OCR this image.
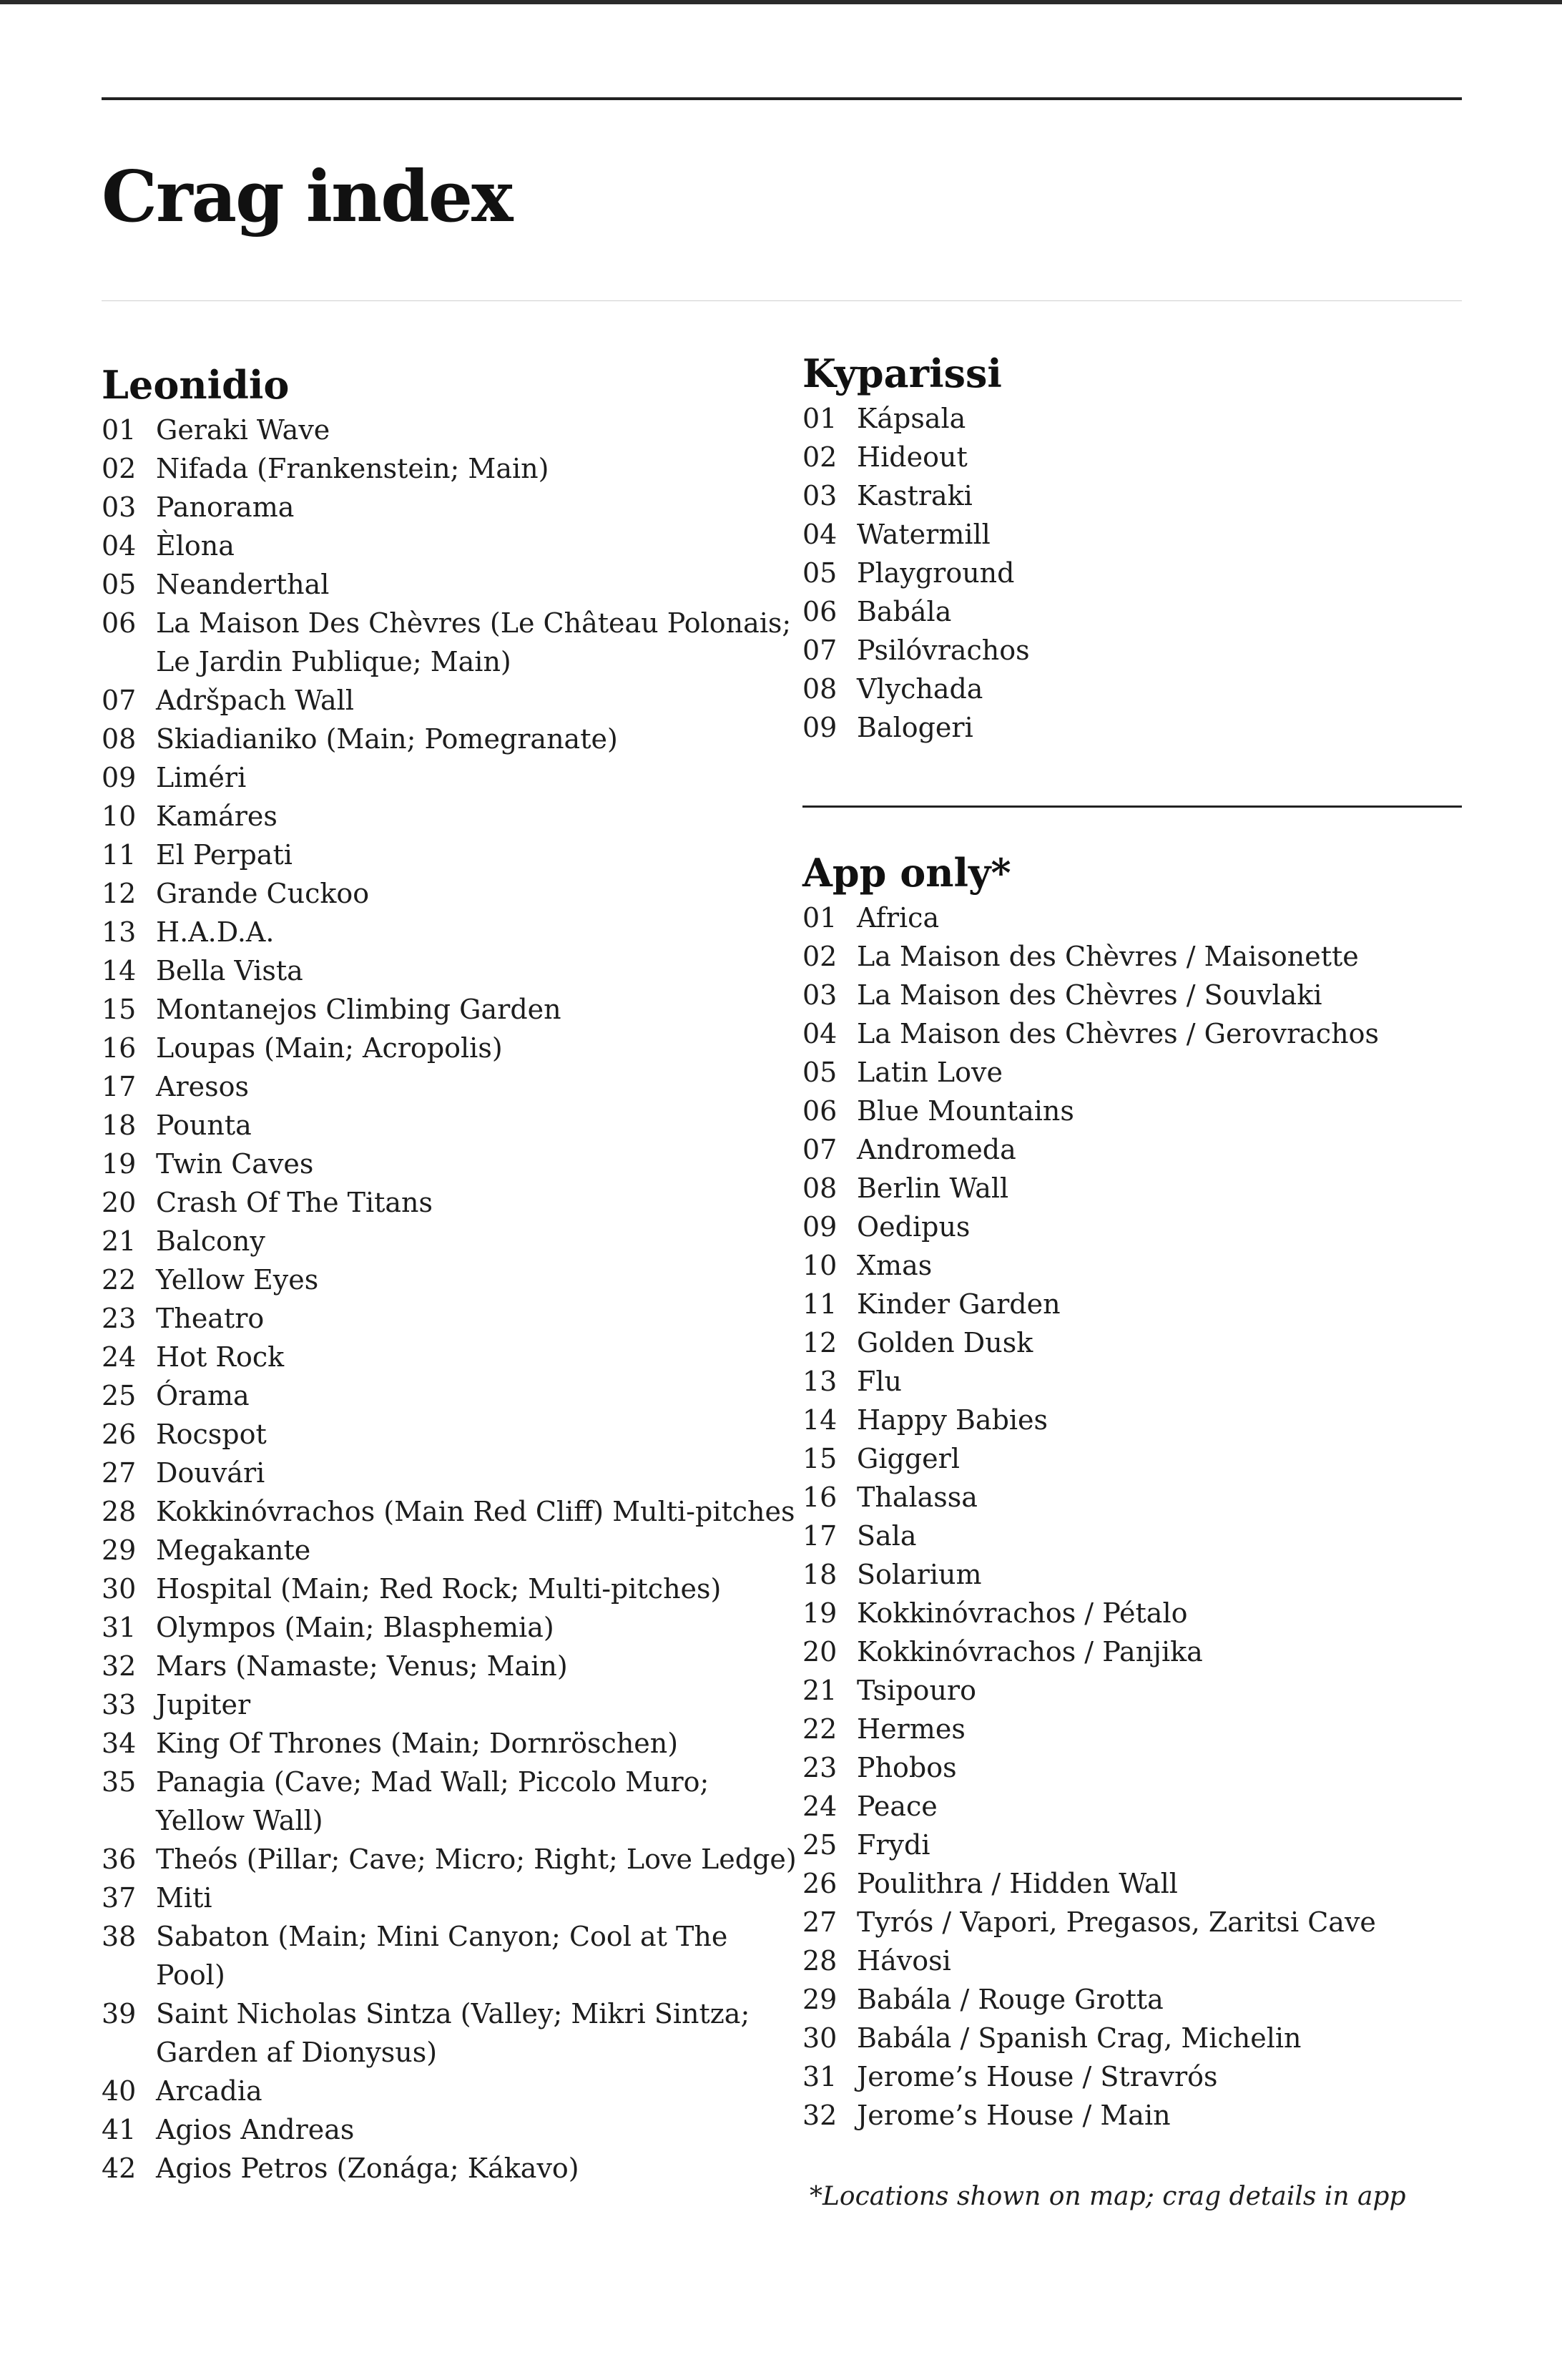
Crag index
Leonidio
01 Geraki Wave
02 Nifada (Frankenstein; Main)
03 Panorama
04 Èlona
05 Neanderthal
06 La Maison Des Chèvres (Le Château Polonais; Le Jardin Publique; Main)
07 Adršpach Wall
08 Skiadianiko (Main; Pomegranate)
09 Liméri
10 Kamáres
11 El Perpati
12 Grande Cuckoo
13 H.A.D.A.
14 Bella Vista
15 Montanejos Climbing Garden
16 Loupas (Main; Acropolis)
17 Aresos
18 Pounta
19 Twin Caves
20 Crash Of The Titans
21 Balcony
22 Yellow Eyes
23 Theatro
24 Hot Rock
25 Órama
26 Rocspot
27 Douvári
28 Kokkinóvrachos (Main Red Cliff) Multi-pitches
29 Megakante
30 Hospital (Main; Red Rock; Multi-pitches)
31 Olympos (Main; Blasphemia)
32 Mars (Namaste; Venus; Main)
33 Jupiter
34 King Of Thrones (Main; Dornröschen)
35 Panagia (Cave; Mad Wall; Piccolo Muro; Yellow Wall)
36 Theós (Pillar; Cave; Micro; Right; Love Ledge)
37 Miti
38 Sabaton (Main; Mini Canyon; Cool at The Pool)
39 Saint Nicholas Sintza (Valley; Mikri Sintza; Garden af Dionysus)
40 Arcadia
41 Agios Andreas
42 Agios Petros (Zonága; Kákavo)
Kyparissi
01 Kápsala
02 Hideout
03 Kastraki
04 Watermill
05 Playground
06 Babála
07 Psilóvrachos
08 Vlychada
09 Balogeri
App only*
01 Africa
02 La Maison des Chèvres / Maisonette
03 La Maison des Chèvres / Souvlaki
04 La Maison des Chèvres / Gerovrachos
05 Latin Love
06 Blue Mountains
07 Andromeda
08 Berlin Wall
09 Oedipus
10 Xmas
11 Kinder Garden
12 Golden Dusk
13 Flu
14 Happy Babies
15 Giggerl
16 Thalassa
17 Sala
18 Solarium
19 Kokkinóvrachos / Pétalo
20 Kokkinóvrachos / Panjika
21 Tsipouro
22 Hermes
23 Phobos
24 Peace
25 Frydi
26 Poulithra / Hidden Wall
27 Tyrós / Vapori, Pregasos, Zaritsi Cave
28 Hávosi
29 Babála / Rouge Grotta
30 Babála / Spanish Crag, Michelin
31 Jerome’s House / Stravrós
32 Jerome’s House / Main
*Locations shown on map; crag details in app
